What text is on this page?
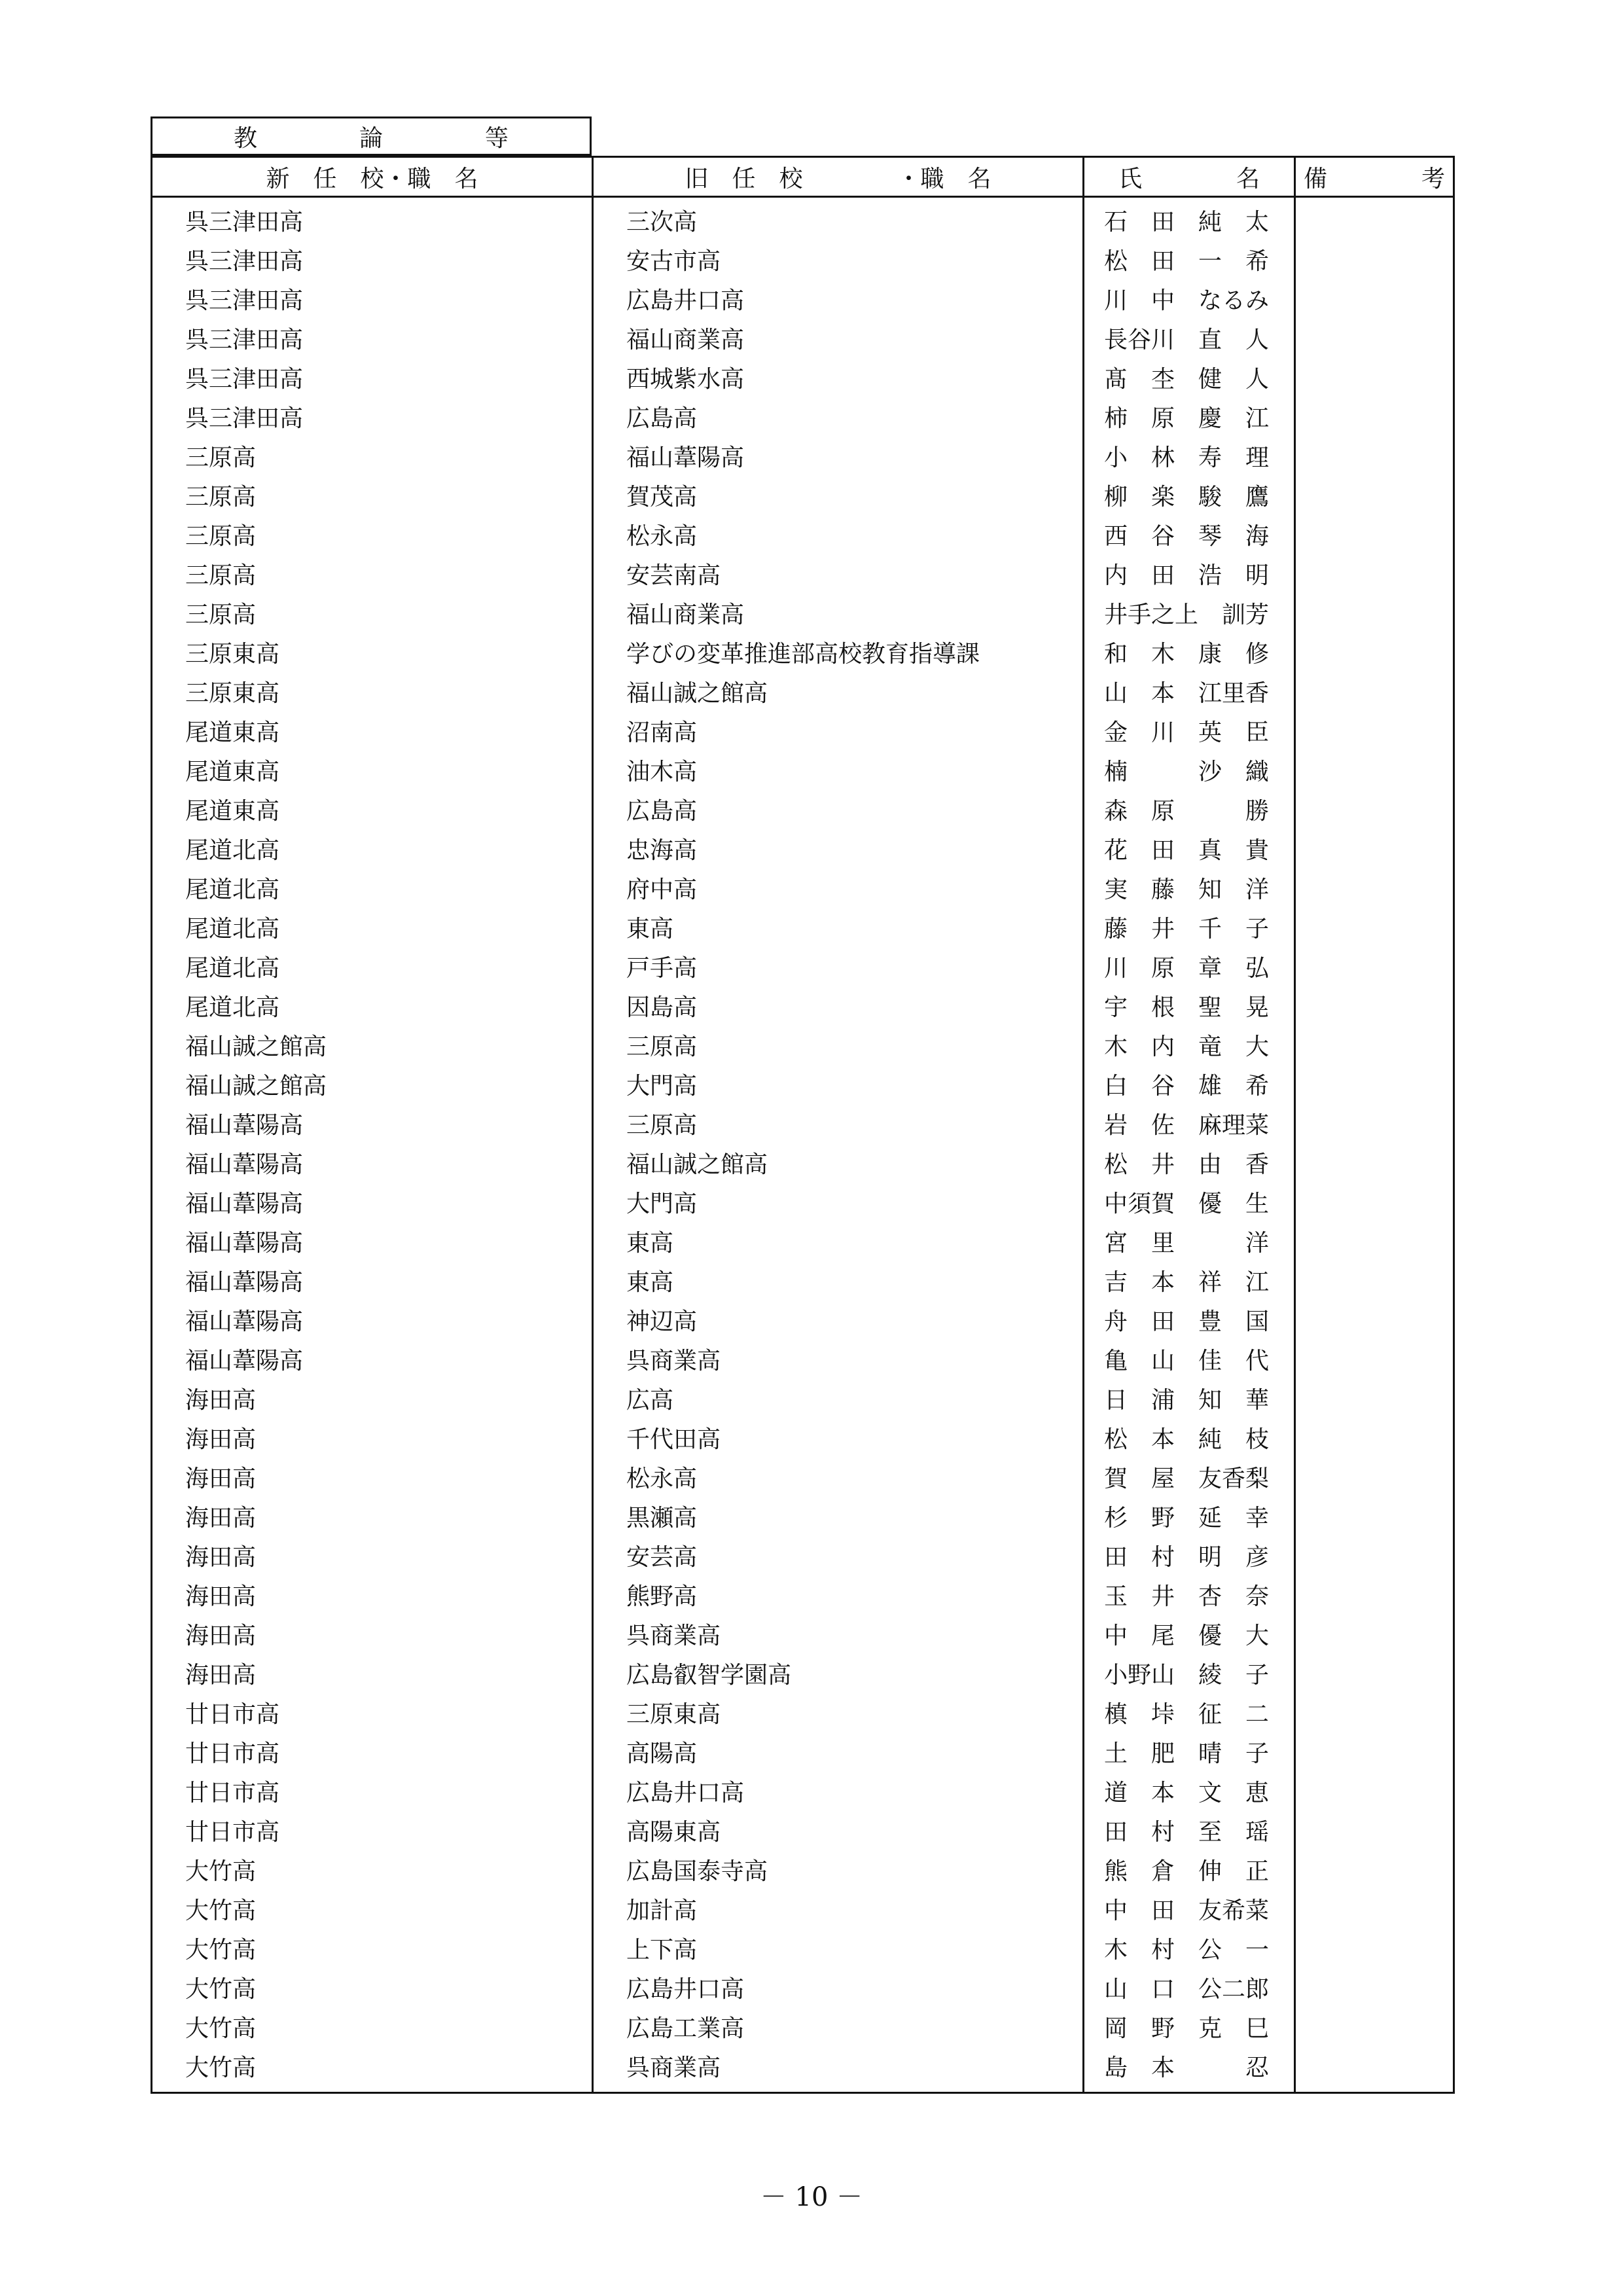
教　論　等
新　任　校・職　名	旧　任　校　　　　・職　名	氏　　　　名	備　　　　考
呉三津田高	三次高	石　田　純　太	
呉三津田高	安古市高	松　田　一　希	
呉三津田高	広島井口高	川　中　なるみ	
呉三津田高	福山商業高	長谷川　直　人	
呉三津田高	西城紫水高	髙　杢　健　人	
呉三津田高	広島高	柿　原　慶　江	
三原高	福山葦陽高	小　林　寿　理	
三原高	賀茂高	柳　楽　駿　鷹	
三原高	松永高	西　谷　琴　海	
三原高	安芸南高	内　田　浩　明	
三原高	福山商業高	井手之上　訓芳	
三原東高	学びの変革推進部高校教育指導課	和　木　康　修	
三原東高	福山誠之館高	山　本　江里香	
尾道東高	沼南高	金　川　英　臣	
尾道東高	油木高	楠　　　沙　織	
尾道東高	広島高	森　原　　　勝	
尾道北高	忠海高	花　田　真　貴	
尾道北高	府中高	実　藤　知　洋	
尾道北高	東高	藤　井　千　子	
尾道北高	戸手高	川　原　章　弘	
尾道北高	因島高	宇　根　聖　晃	
福山誠之館高	三原高	木　内　竜　大	
福山誠之館高	大門高	白　谷　雄　希	
福山葦陽高	三原高	岩　佐　麻理菜	
福山葦陽高	福山誠之館高	松　井　由　香	
福山葦陽高	大門高	中須賀　優　生	
福山葦陽高	東高	宮　里　　　洋	
福山葦陽高	東高	吉　本　祥　江	
福山葦陽高	神辺高	舟　田　豊　国	
福山葦陽高	呉商業高	亀　山　佳　代	
海田高	広高	日　浦　知　華	
海田高	千代田高	松　本　純　枝	
海田高	松永高	賀　屋　友香梨	
海田高	黒瀬高	杉　野　延　幸	
海田高	安芸高	田　村　明　彦	
海田高	熊野高	玉　井　杏　奈	
海田高	呉商業高	中　尾　優　大	
海田高	広島叡智学園高	小野山　綾　子	
廿日市高	三原東高	槙　垰　征　二	
廿日市高	高陽高	土　肥　晴　子	
廿日市高	広島井口高	道　本　文　恵	
廿日市高	高陽東高	田　村　至　瑶	
大竹高	広島国泰寺高	熊　倉　伸　正	
大竹高	加計高	中　田　友希菜	
大竹高	上下高	木　村　公　一	
大竹高	広島井口高	山　口　公二郎	
大竹高	広島工業高	岡　野　克　巳	
大竹高	呉商業高	島　本　　　忍	
－ 10 －
